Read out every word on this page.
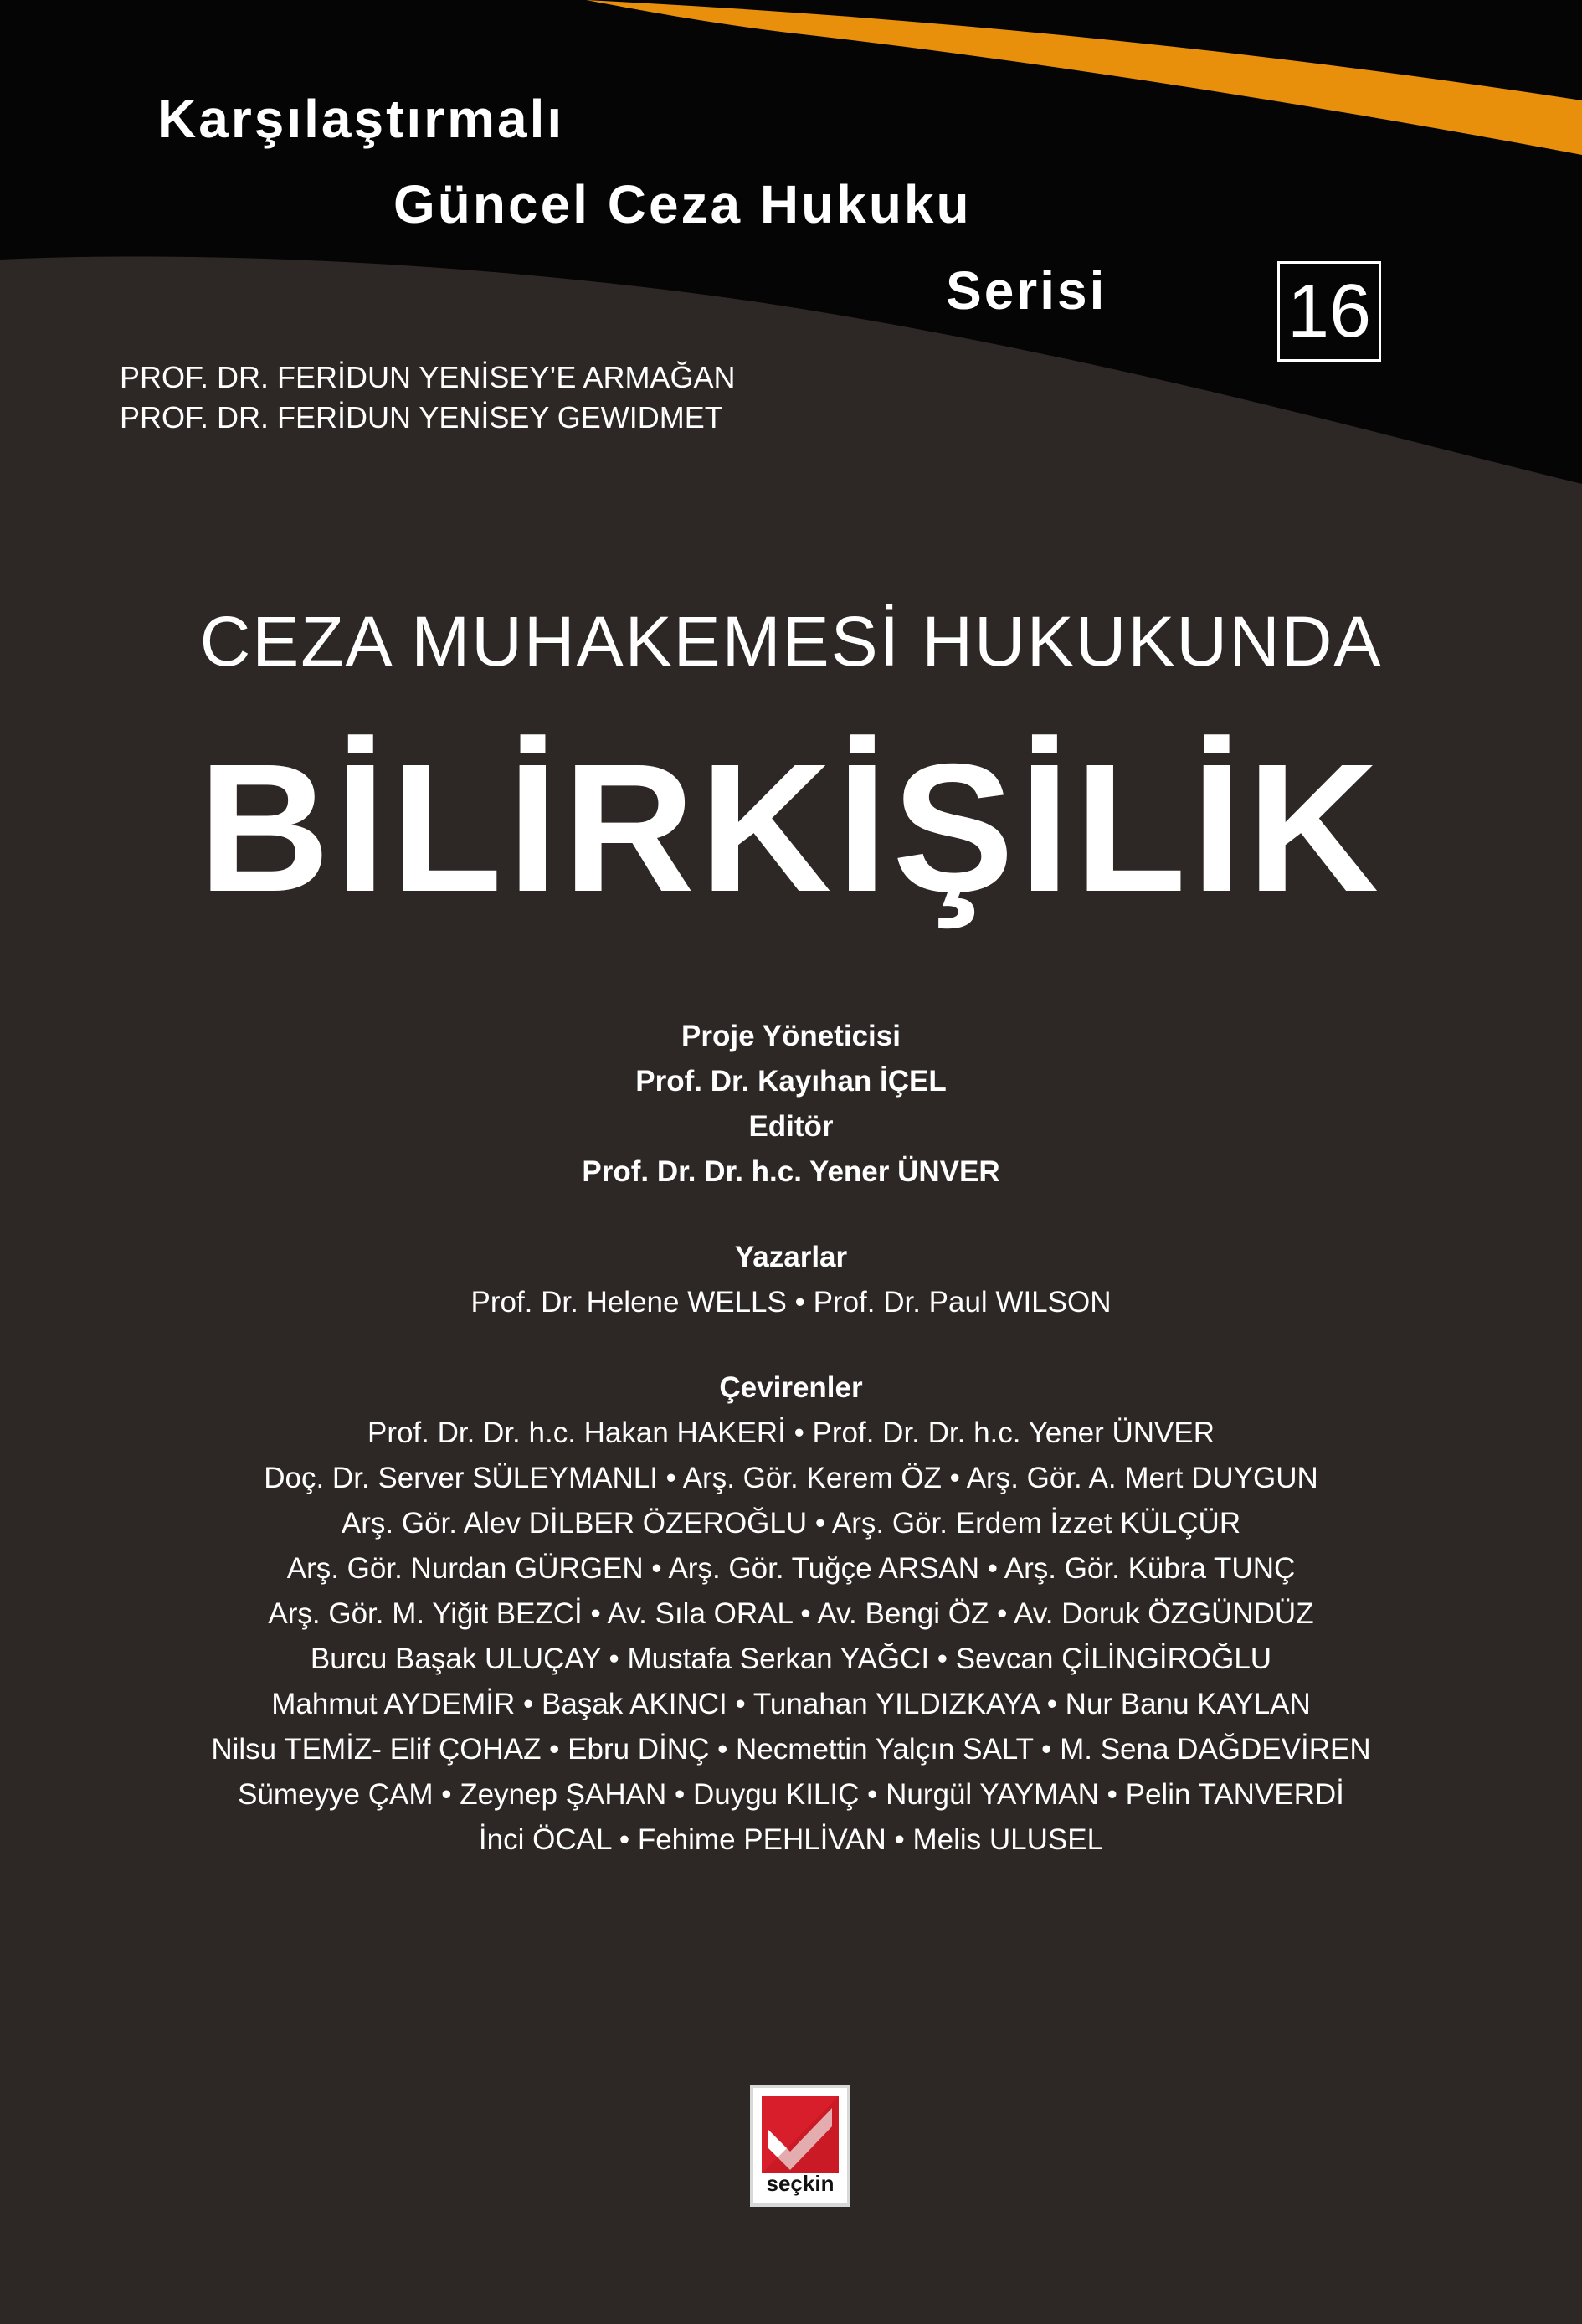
Karşılaştırmalı
Güncel Ceza Hukuku
Serisi 16

PROF. DR. FERİDUN YENİSEY’E ARMAĞAN

PROF. DR. FERİDUN YENİSEY GEWIDMET

CEZA MUHAKEMESİ HUKUKUNDA
BİLİRKİŞİLİK
Proje Yöneticisi
Prof. Dr. Kayıhan İÇEL
Editör
Prof. Dr. Dr. h.c. Yener ÜNVER
Yazarlar
Prof. Dr. Helene WELLS • Prof. Dr. Paul WILSON
Çevirenler
Prof. Dr. Dr. h.c. Hakan HAKERİ • Prof. Dr. Dr. h.c. Yener ÜNVER
Doç. Dr. Server SÜLEYMANLI • Arş. Gör. Kerem ÖZ • Arş. Gör. A. Mert DUYGUN
Arş. Gör. Alev DİLBER ÖZEROĞLU • Arş. Gör. Erdem İzzet KÜLÇÜR
Arş. Gör. Nurdan GÜRGEN • Arş. Gör. Tuğçe ARSAN • Arş. Gör. Kübra TUNÇ
Arş. Gör. M. Yiğit BEZCİ • Av. Sıla ORAL • Av. Bengi ÖZ • Av. Doruk ÖZGÜNDÜZ
Burcu Başak ULUÇAY • Mustafa Serkan YAĞCI • Sevcan ÇİLİNGİROĞLU
Mahmut AYDEMİR • Başak AKINCI • Tunahan YILDIZKAYA • Nur Banu KAYLAN
Nilsu TEMİZ- Elif ÇOHAZ • Ebru DİNÇ • Necmettin Yalçın SALT • M. Sena DAĞDEVİREN
Sümeyye ÇAM • Zeynep ŞAHAN • Duygu KILIÇ • Nurgül YAYMAN • Pelin TANVERDİ
İnci ÖCAL • Fehime PEHLİVAN • Melis ULUSEL
seçkin
